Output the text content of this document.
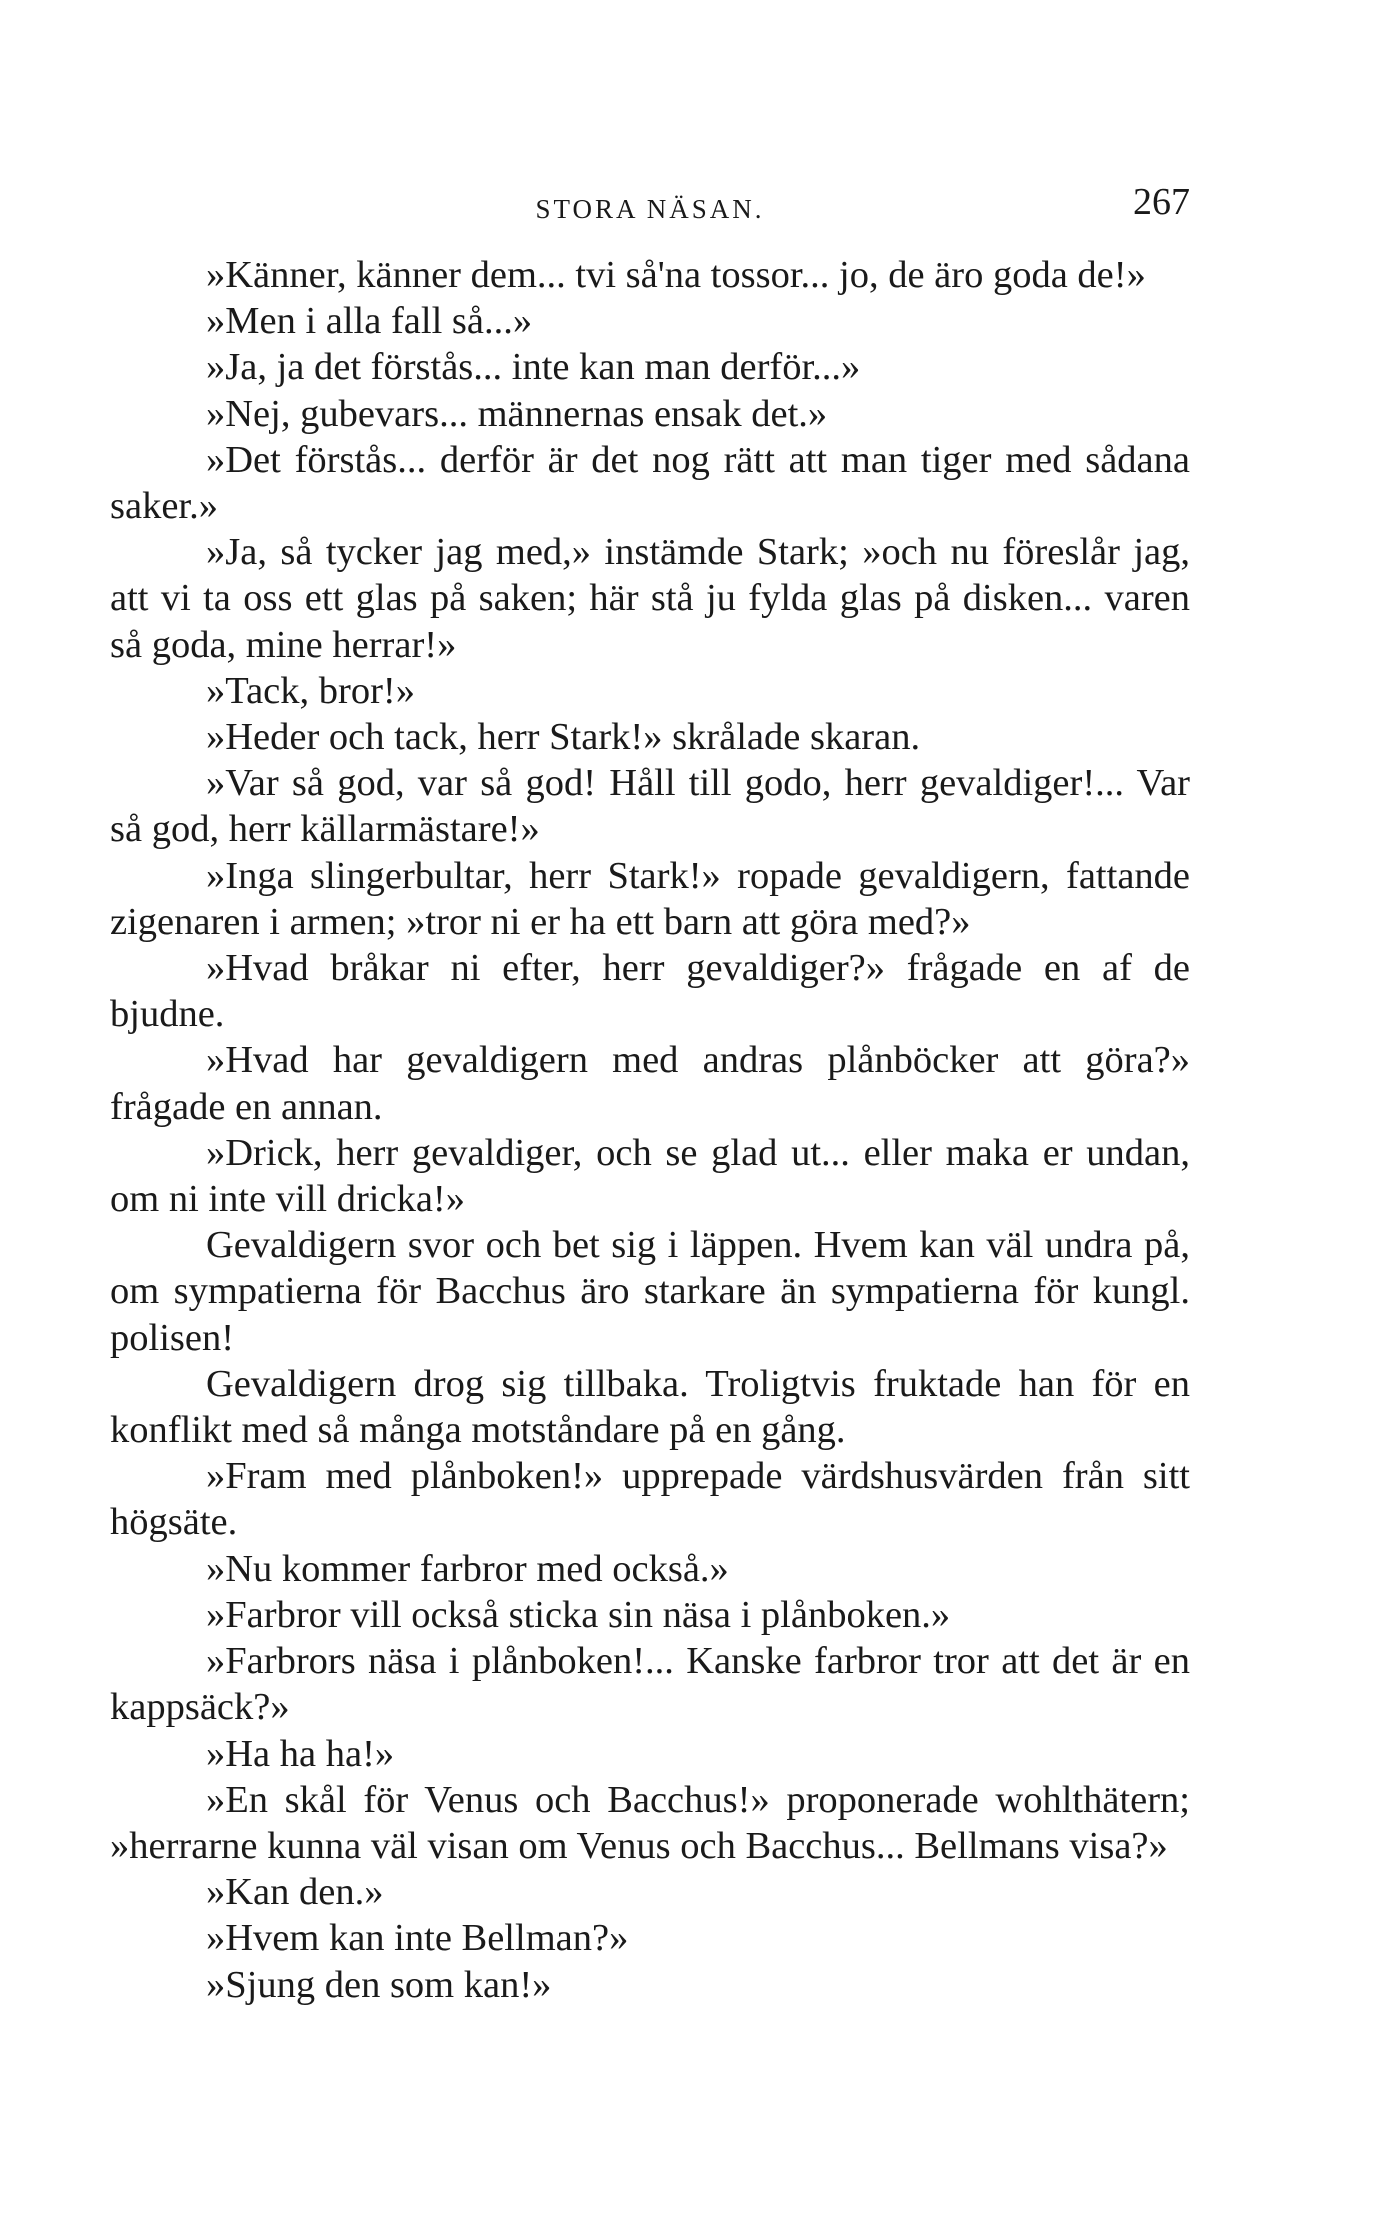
STORA NÄSAN.	267

»Känner, känner dem... tvi så'na tossor... jo, de äro goda de!»

»Men i alla fall så...»

»Ja, ja det förstås... inte kan man derför...»

»Nej, gubevars... männernas ensak det.»

»Det förstås... derför är det nog rätt att man tiger med sådana saker.»

»Ja, så tycker jag med,» instämde Stark; »och nu föreslår jag, att vi ta oss ett glas på saken; här stå ju fylda glas på disken... varen så goda, mine herrar!»

»Tack, bror!»

»Heder och tack, herr Stark!» skrålade skaran.

»Var så god, var så god! Håll till godo, herr gevaldiger!... Var så god, herr källarmästare!»

»Inga slingerbultar, herr Stark!» ropade gevaldigern, fattande zigenaren i armen; »tror ni er ha ett barn att göra med?»

»Hvad bråkar ni efter, herr gevaldiger?» frågade en af de bjudne.

»Hvad har gevaldigern med andras plånböcker att göra?» frågade en annan.

»Drick, herr gevaldiger, och se glad ut... eller maka er undan, om ni inte vill dricka!»

Gevaldigern svor och bet sig i läppen. Hvem kan väl undra på, om sympatierna för Bacchus äro starkare än sympatierna för kungl. polisen!

Gevaldigern drog sig tillbaka. Troligtvis fruktade han för en konflikt med så många motståndare på en gång.

»Fram med plånboken!» upprepade värdshusvärden från sitt högsäte.

»Nu kommer farbror med också.»

»Farbror vill också sticka sin näsa i plånboken.»

»Farbrors näsa i plånboken!... Kanske farbror tror att det är en kappsäck?»

»Ha ha ha!»

»En skål för Venus och Bacchus!» proponerade wohlthätern; »herrarne kunna väl visan om Venus och Bacchus... Bellmans visa?»

»Kan den.»

»Hvem kan inte Bellman?»

»Sjung den som kan!»
